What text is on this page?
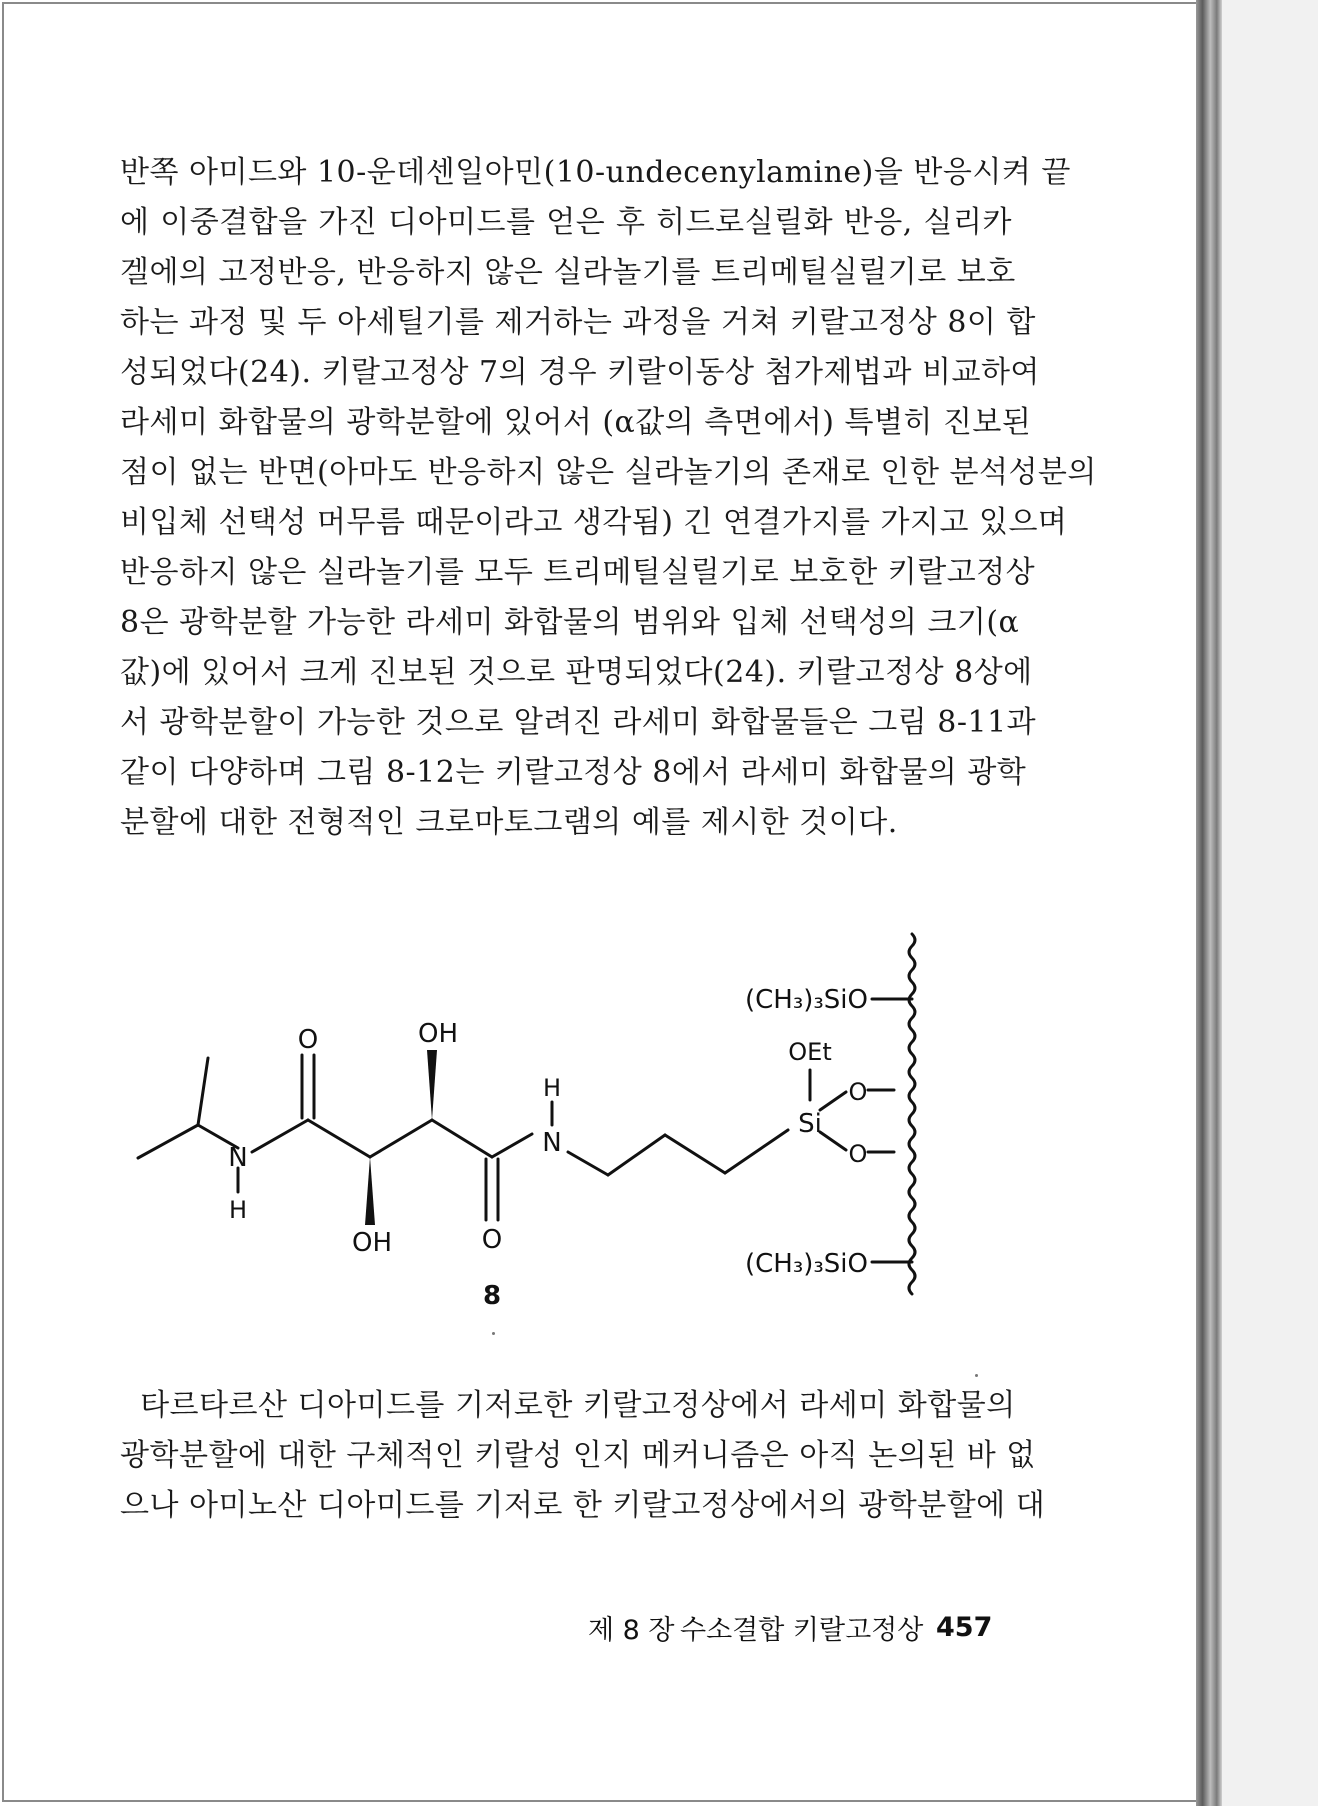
반쪽 아미드와 10-운데센일아민(10-undecenylamine)을 반응시켜 끝
에 이중결합을 가진 디아미드를 얻은 후 히드로실릴화 반응, 실리카
겔에의 고정반응, 반응하지 않은 실라놀기를 트리메틸실릴기로 보호
하는 과정 및 두 아세틸기를 제거하는 과정을 거쳐 키랄고정상 8이 합
성되었다(24). 키랄고정상 7의 경우 키랄이동상 첨가제법과 비교하여
라세미 화합물의 광학분할에 있어서 (α값의 측면에서) 특별히 진보된
점이 없는 반면(아마도 반응하지 않은 실라놀기의 존재로 인한 분석성분의
비입체 선택성 머무름 때문이라고 생각됨) 긴 연결가지를 가지고 있으며
반응하지 않은 실라놀기를 모두 트리메틸실릴기로 보호한 키랄고정상
8은 광학분할 가능한 라세미 화합물의 범위와 입체 선택성의 크기(α
값)에 있어서 크게 진보된 것으로 판명되었다(24). 키랄고정상 8상에
서 광학분할이 가능한 것으로 알려진 라세미 화합물들은 그림 8-11과
같이 다양하며 그림 8-12는 키랄고정상 8에서 라세미 화합물의 광학
분할에 대한 전형적인 크로마토그램의 예를 제시한 것이다.
O	OH
H
N
N
H
OH	O
8
(CH₃)₃SiO
OEt
Si
O
O
(CH₃)₃SiO
타르타르산 디아미드를 기저로한 키랄고정상에서 라세미 화합물의
광학분할에 대한 구체적인 키랄성 인지 메커니즘은 아직 논의된 바 없
으나 아미노산 디아미드를 기저로 한 키랄고정상에서의 광학분할에 대
제 8 장 수소결합 키랄고정상 457
